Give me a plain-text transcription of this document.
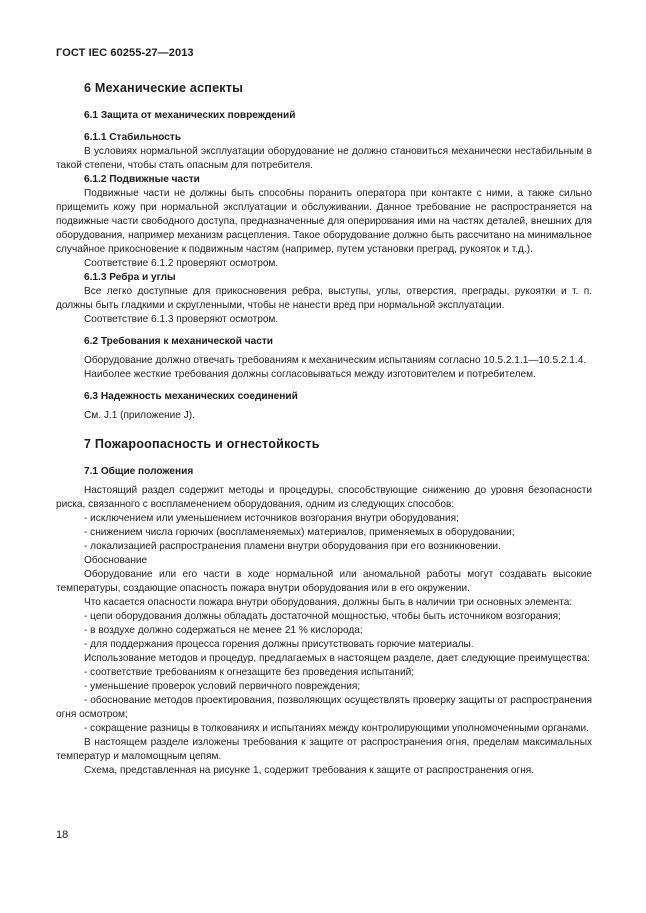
ГОСТ IEC 60255-27—2013
6 Механические аспекты
6.1 Защита от механических повреждений
6.1.1 Стабильность

В условиях нормальной эксплуатации оборудование не должно становиться механически нестабильным в такой степени, чтобы стать опасным для потребителя.

6.1.2 Подвижные части

Подвижные части не должны быть способны поранить оператора при контакте с ними, а также сильно прищемить кожу при нормальной эксплуатации и обслуживании. Данное требование не распространяется на подвижные части свободного доступа, предназначенные для оперирования ими на частях деталей, внешних для оборудования, например механизм расцепления. Такое оборудование должно быть рассчитано на минимальное случайное прикосновение к подвижным частям (например, путем установки преград, рукояток и т.д.).

Соответствие 6.1.2 проверяют осмотром.

6.1.3 Ребра и углы

Все легко доступные для прикосновения ребра, выступы, углы, отверстия, преграды, рукоятки и т. п. должны быть гладкими и скругленными, чтобы не нанести вред при нормальной эксплуатации.

Соответствие 6.1.3 проверяют осмотром.

6.2 Требования к механической части

Оборудование должно отвечать требованиям к механическим испытаниям согласно 10.5.2.1.1—10.5.2.1.4.

Наиболее жесткие требования должны согласовываться между изготовителем и потребителем.

6.3 Надежность механических соединений

См. J.1 (приложение J).

7 Пожароопасность и огнестойкость
7.1 Общие положения

Настоящий раздел содержит методы и процедуры, способствующие снижению до уровня безопасности риска, связанного с воспламенением оборудования, одним из следующих способов:

- исключением или уменьшением источников возгорания внутри оборудования;

- снижением числа горючих (воспламеняемых) материалов, применяемых в оборудовании;

- локализацией распространения пламени внутри оборудования при его возникновении.

Обоснование

Оборудование или его части в ходе нормальной или аномальной работы могут создавать высокие температуры, создающие опасность пожара внутри оборудования или в его окружении.

Что касается опасности пожара внутри оборудования, должны быть в наличии три основных элемента:

- цепи оборудования должны обладать достаточной мощностью, чтобы быть источником возгорания;

- в воздухе должно содержаться не менее 21 % кислорода;

- для поддержания процесса горения должны присутствовать горючие материалы.

Использование методов и процедур, предлагаемых в настоящем разделе, дает следующие преимущества:

- соответствие требованиям к огнезащите без проведения испытаний;

- уменьшение проверок условий первичного повреждения;

- обоснование методов проектирования, позволяющих осуществлять проверку защиты от распространения огня осмотром;

- сокращение разницы в толкованиях и испытаниях между контролирующими уполномоченными органами.

В настоящем разделе изложены требования к защите от распространения огня, пределам максимальных температур и маломощным цепям.

Схема, представленная на рисунке 1, содержит требования к защите от распространения огня.

18
